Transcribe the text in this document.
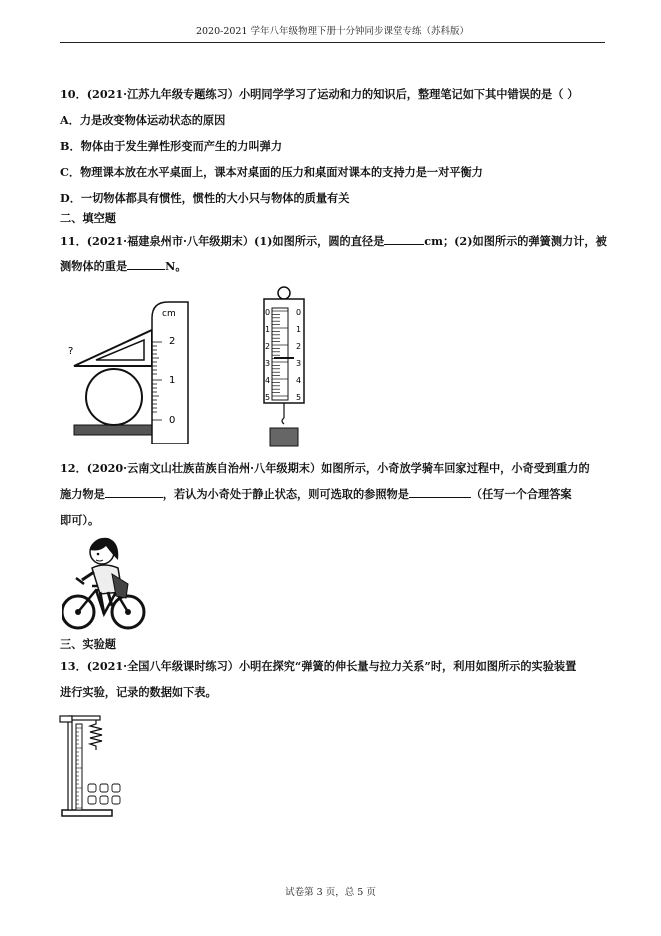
2020-2021 学年八年级物理下册十分钟同步课堂专练（苏科版）
10．(2021·江苏九年级专题练习）小明同学学习了运动和力的知识后，整理笔记如下其中错误的是（ ）
A．力是改变物体运动状态的原因
B．物体由于发生弹性形变而产生的力叫弹力
C．物理课本放在水平桌面上，课本对桌面的压力和桌面对课本的支持力是一对平衡力
D．一切物体都具有惯性，惯性的大小只与物体的质量有关
二、填空题
11．(2021·福建泉州市·八年级期末）(1)如图所示，圆的直径是	cm；(2)如图所示的弹簧测力计，被
测物体的重是	N。
cm
2
1
0
?
0
1
2
3
4
5
0
1
2
3
4
5
12．(2020·云南文山壮族苗族自治州·八年级期末）如图所示，小奇放学骑车回家过程中，小奇受到重力的
施力物是	，若认为小奇处于静止状态，则可选取的参照物是	（任写一个合理答案
即可）。
三、实验题
13．(2021·全国八年级课时练习）小明在探究“弹簧的伸长量与拉力关系”时，利用如图所示的实验装置
进行实验，记录的数据如下表。
试卷第 3 页，总 5 页
